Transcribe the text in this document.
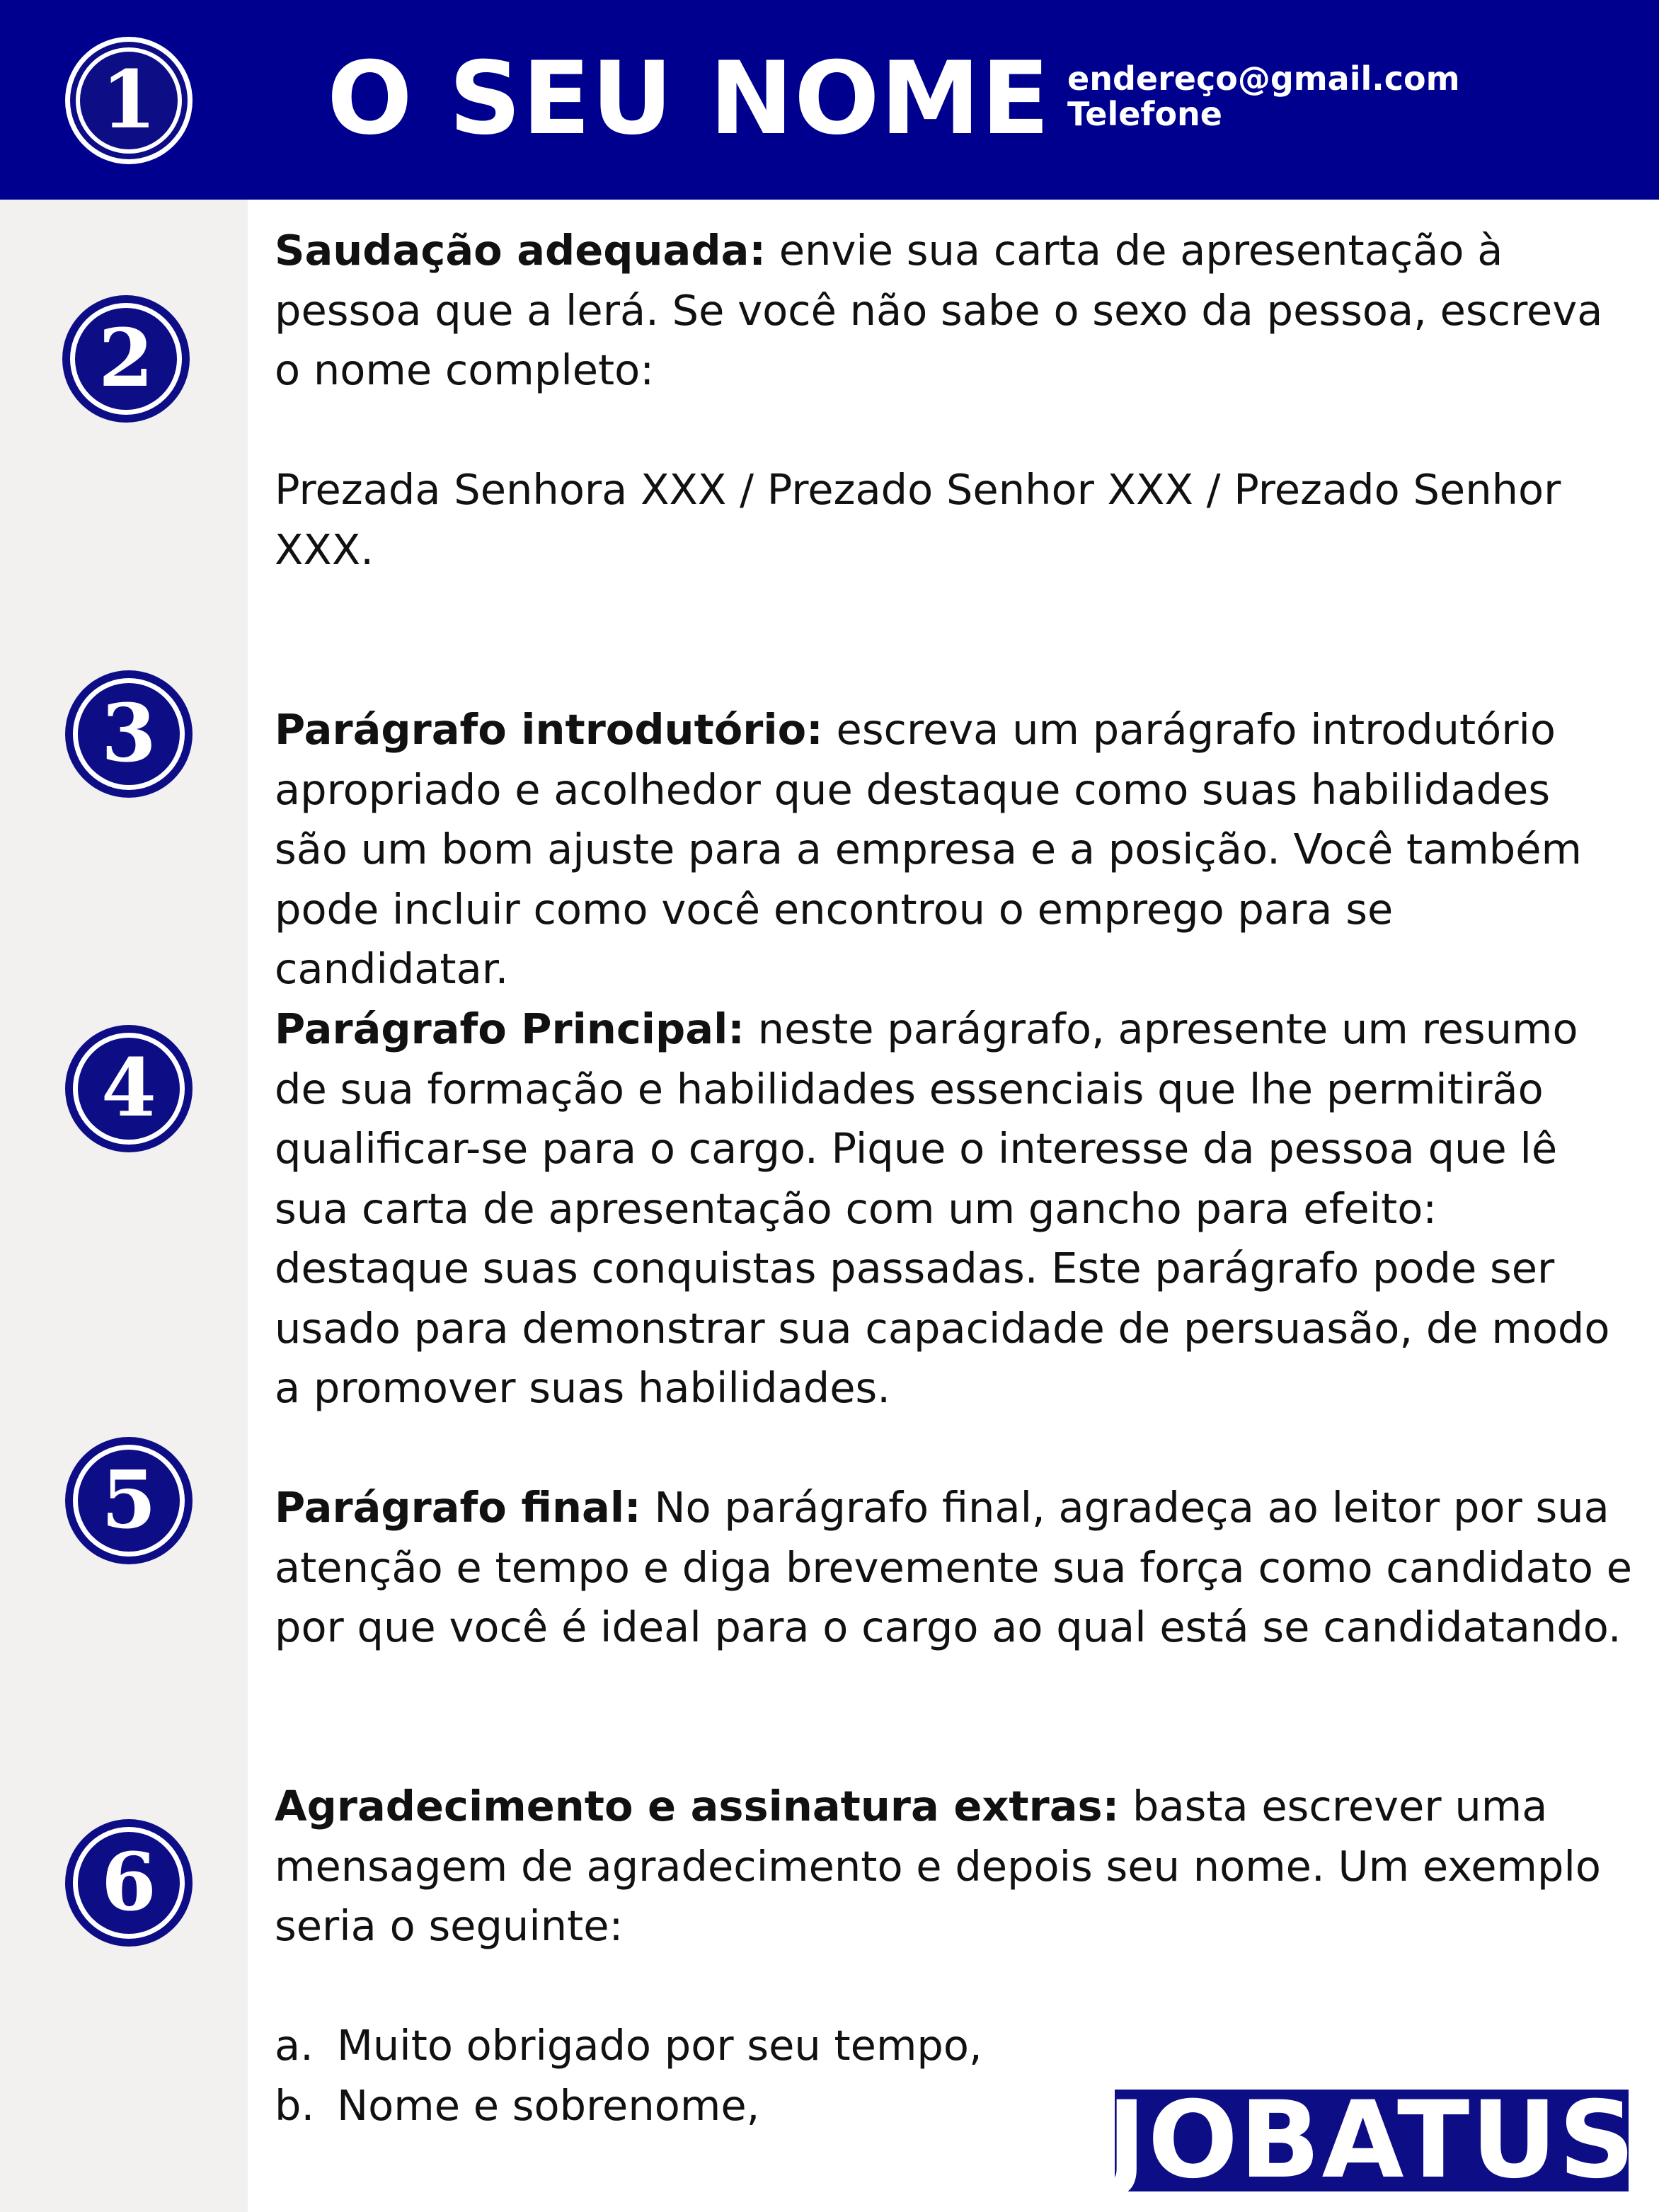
1 O SEU NOME endereço@gmail.com
Telefone
2
3
4
5
6

Saudação adequada: envie sua carta de apresentação à pessoa que a lerá. Se você não sabe o sexo da pessoa, escreva o nome completo:

Prezada Senhora XXX / Prezado Senhor XXX / Prezado Senhor XXX.

Parágrafo introdutório: escreva um parágrafo introdutório apropriado e acolhedor que destaque como suas habilidades são um bom ajuste para a empresa e a posição. Você também pode incluir como você encontrou o emprego para se candidatar.

Parágrafo Principal: neste parágrafo, apresente um resumo de sua formação e habilidades essenciais que lhe permitirão qualificar-se para o cargo. Pique o interesse da pessoa que lê sua carta de apresentação com um gancho para efeito: destaque suas conquistas passadas. Este parágrafo pode ser usado para demonstrar sua capacidade de persuasão, de modo a promover suas habilidades.

Parágrafo final: No parágrafo final, agradeça ao leitor por sua atenção e tempo e diga brevemente sua força como candidato e por que você é ideal para o cargo ao qual está se candidatando.

Agradecimento e assinatura extras: basta escrever uma mensagem de agradecimento e depois seu nome. Um exemplo seria o seguinte:

a. Muito obrigado por seu tempo,
b. Nome e sobrenome,	JOBATUS
